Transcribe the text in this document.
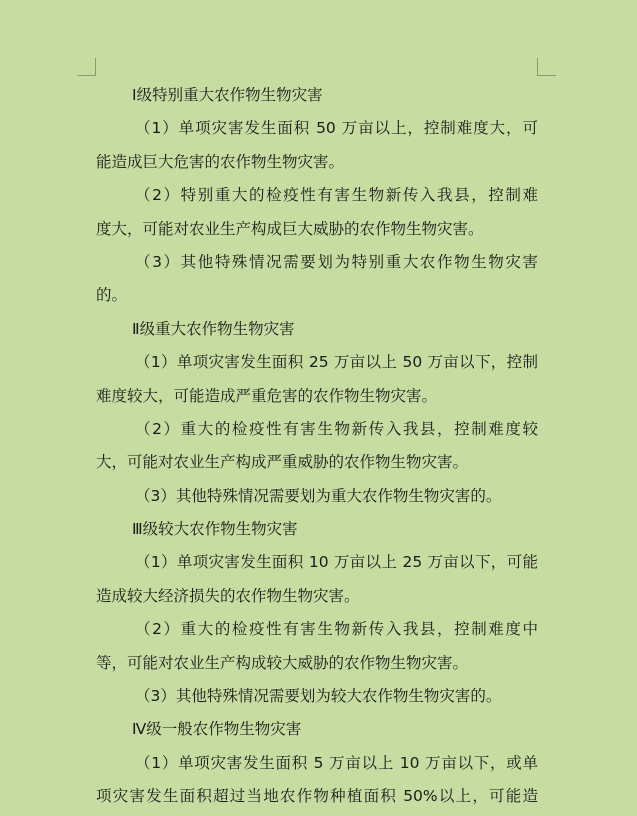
Ⅰ级特别重大农作物生物灾害
（1）单项灾害发生面积 50 万亩以上，控制难度大，可
能造成巨大危害的农作物生物灾害。
（2）特别重大的检疫性有害生物新传入我县，控制难
度大，可能对农业生产构成巨大威胁的农作物生物灾害。
（3）其他特殊情况需要划为特别重大农作物生物灾害
的。
Ⅱ级重大农作物生物灾害
（1）单项灾害发生面积 25 万亩以上 50 万亩以下，控制
难度较大，可能造成严重危害的农作物生物灾害。
（2）重大的检疫性有害生物新传入我县，控制难度较
大，可能对农业生产构成严重威胁的农作物生物灾害。
（3）其他特殊情况需要划为重大农作物生物灾害的。
Ⅲ级较大农作物生物灾害
（1）单项灾害发生面积 10 万亩以上 25 万亩以下，可能
造成较大经济损失的农作物生物灾害。
（2）重大的检疫性有害生物新传入我县，控制难度中
等，可能对农业生产构成较大威胁的农作物生物灾害。
（3）其他特殊情况需要划为较大农作物生物灾害的。
Ⅳ级一般农作物生物灾害
（1）单项灾害发生面积 5 万亩以上 10 万亩以下，或单
项灾害发生面积超过当地农作物种植面积 50%以上，可能造
